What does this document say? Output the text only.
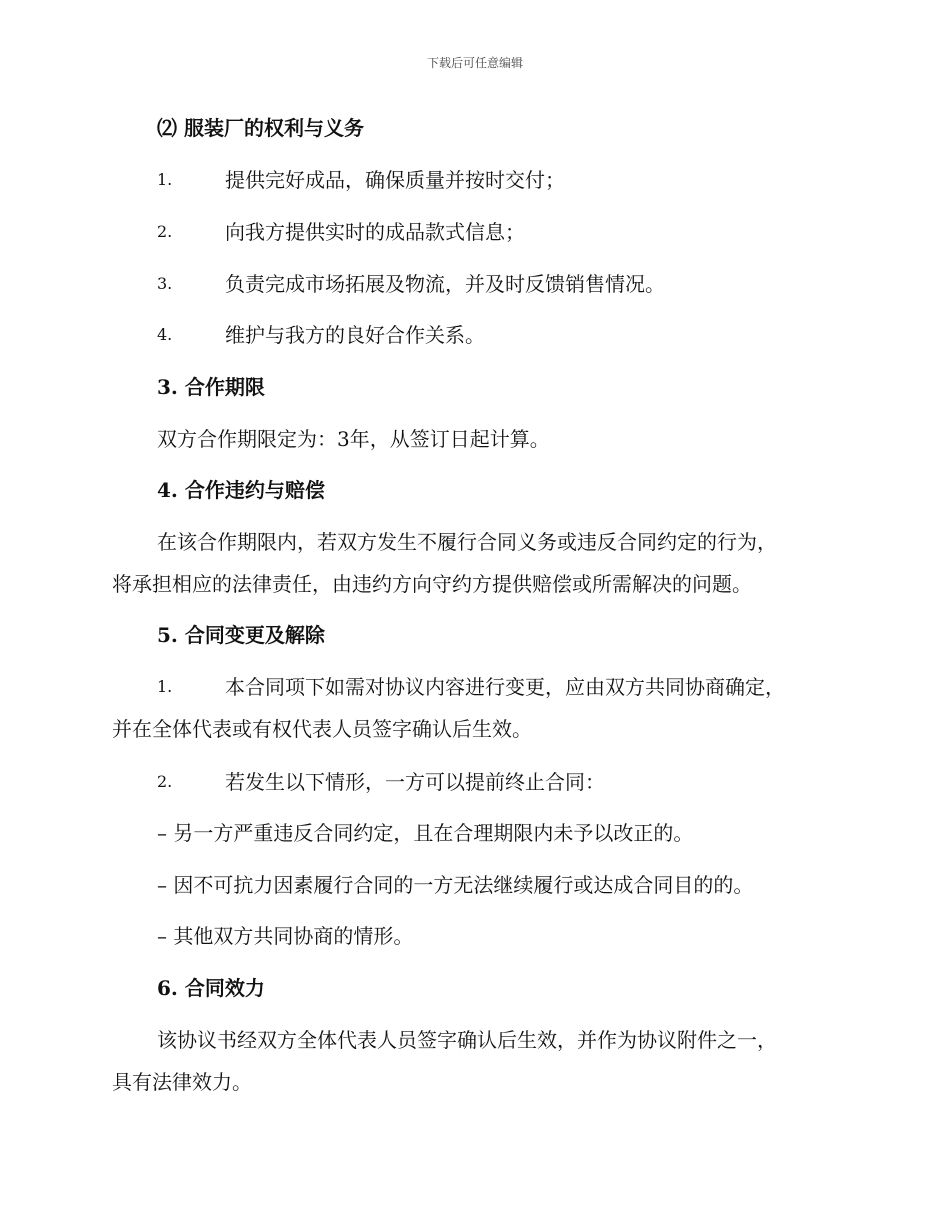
下载后可任意编辑
⑵ 服装厂的权利与义务
1.	提供完好成品，确保质量并按时交付；
2.	向我方提供实时的成品款式信息；
3.	负责完成市场拓展及物流，并及时反馈销售情况。
4.	维护与我方的良好合作关系。
3. 合作期限
双方合作期限定为：3年，从签订日起计算。
4. 合作违约与赔偿
在该合作期限内，若双方发生不履行合同义务或违反合同约定的行为，
将承担相应的法律责任，由违约方向守约方提供赔偿或所需解决的问题。
5. 合同变更及解除
1.	本合同项下如需对协议内容进行变更，应由双方共同协商确定，
并在全体代表或有权代表人员签字确认后生效。
2.	若发生以下情形，一方可以提前终止合同：
– 另一方严重违反合同约定，且在合理期限内未予以改正的。
– 因不可抗力因素履行合同的一方无法继续履行或达成合同目的的。
– 其他双方共同协商的情形。
6. 合同效力
该协议书经双方全体代表人员签字确认后生效，并作为协议附件之一，
具有法律效力。
